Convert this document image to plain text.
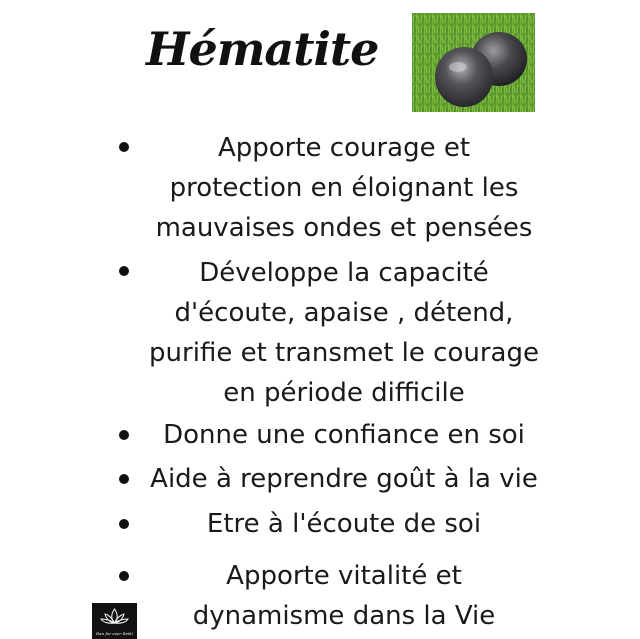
Hématite
Apporte courage et
protection en éloignant les
mauvaises ondes et pensées
Développe la capacité
d'écoute, apaise , détend,
purifie et transmet le courage
en période difficile
Donne une confiance en soi
Aide à reprendre goût à la vie
Etre à l'écoute de soi
Apporte vitalité et
dynamisme dans la Vie
Ran for ever Reiki
